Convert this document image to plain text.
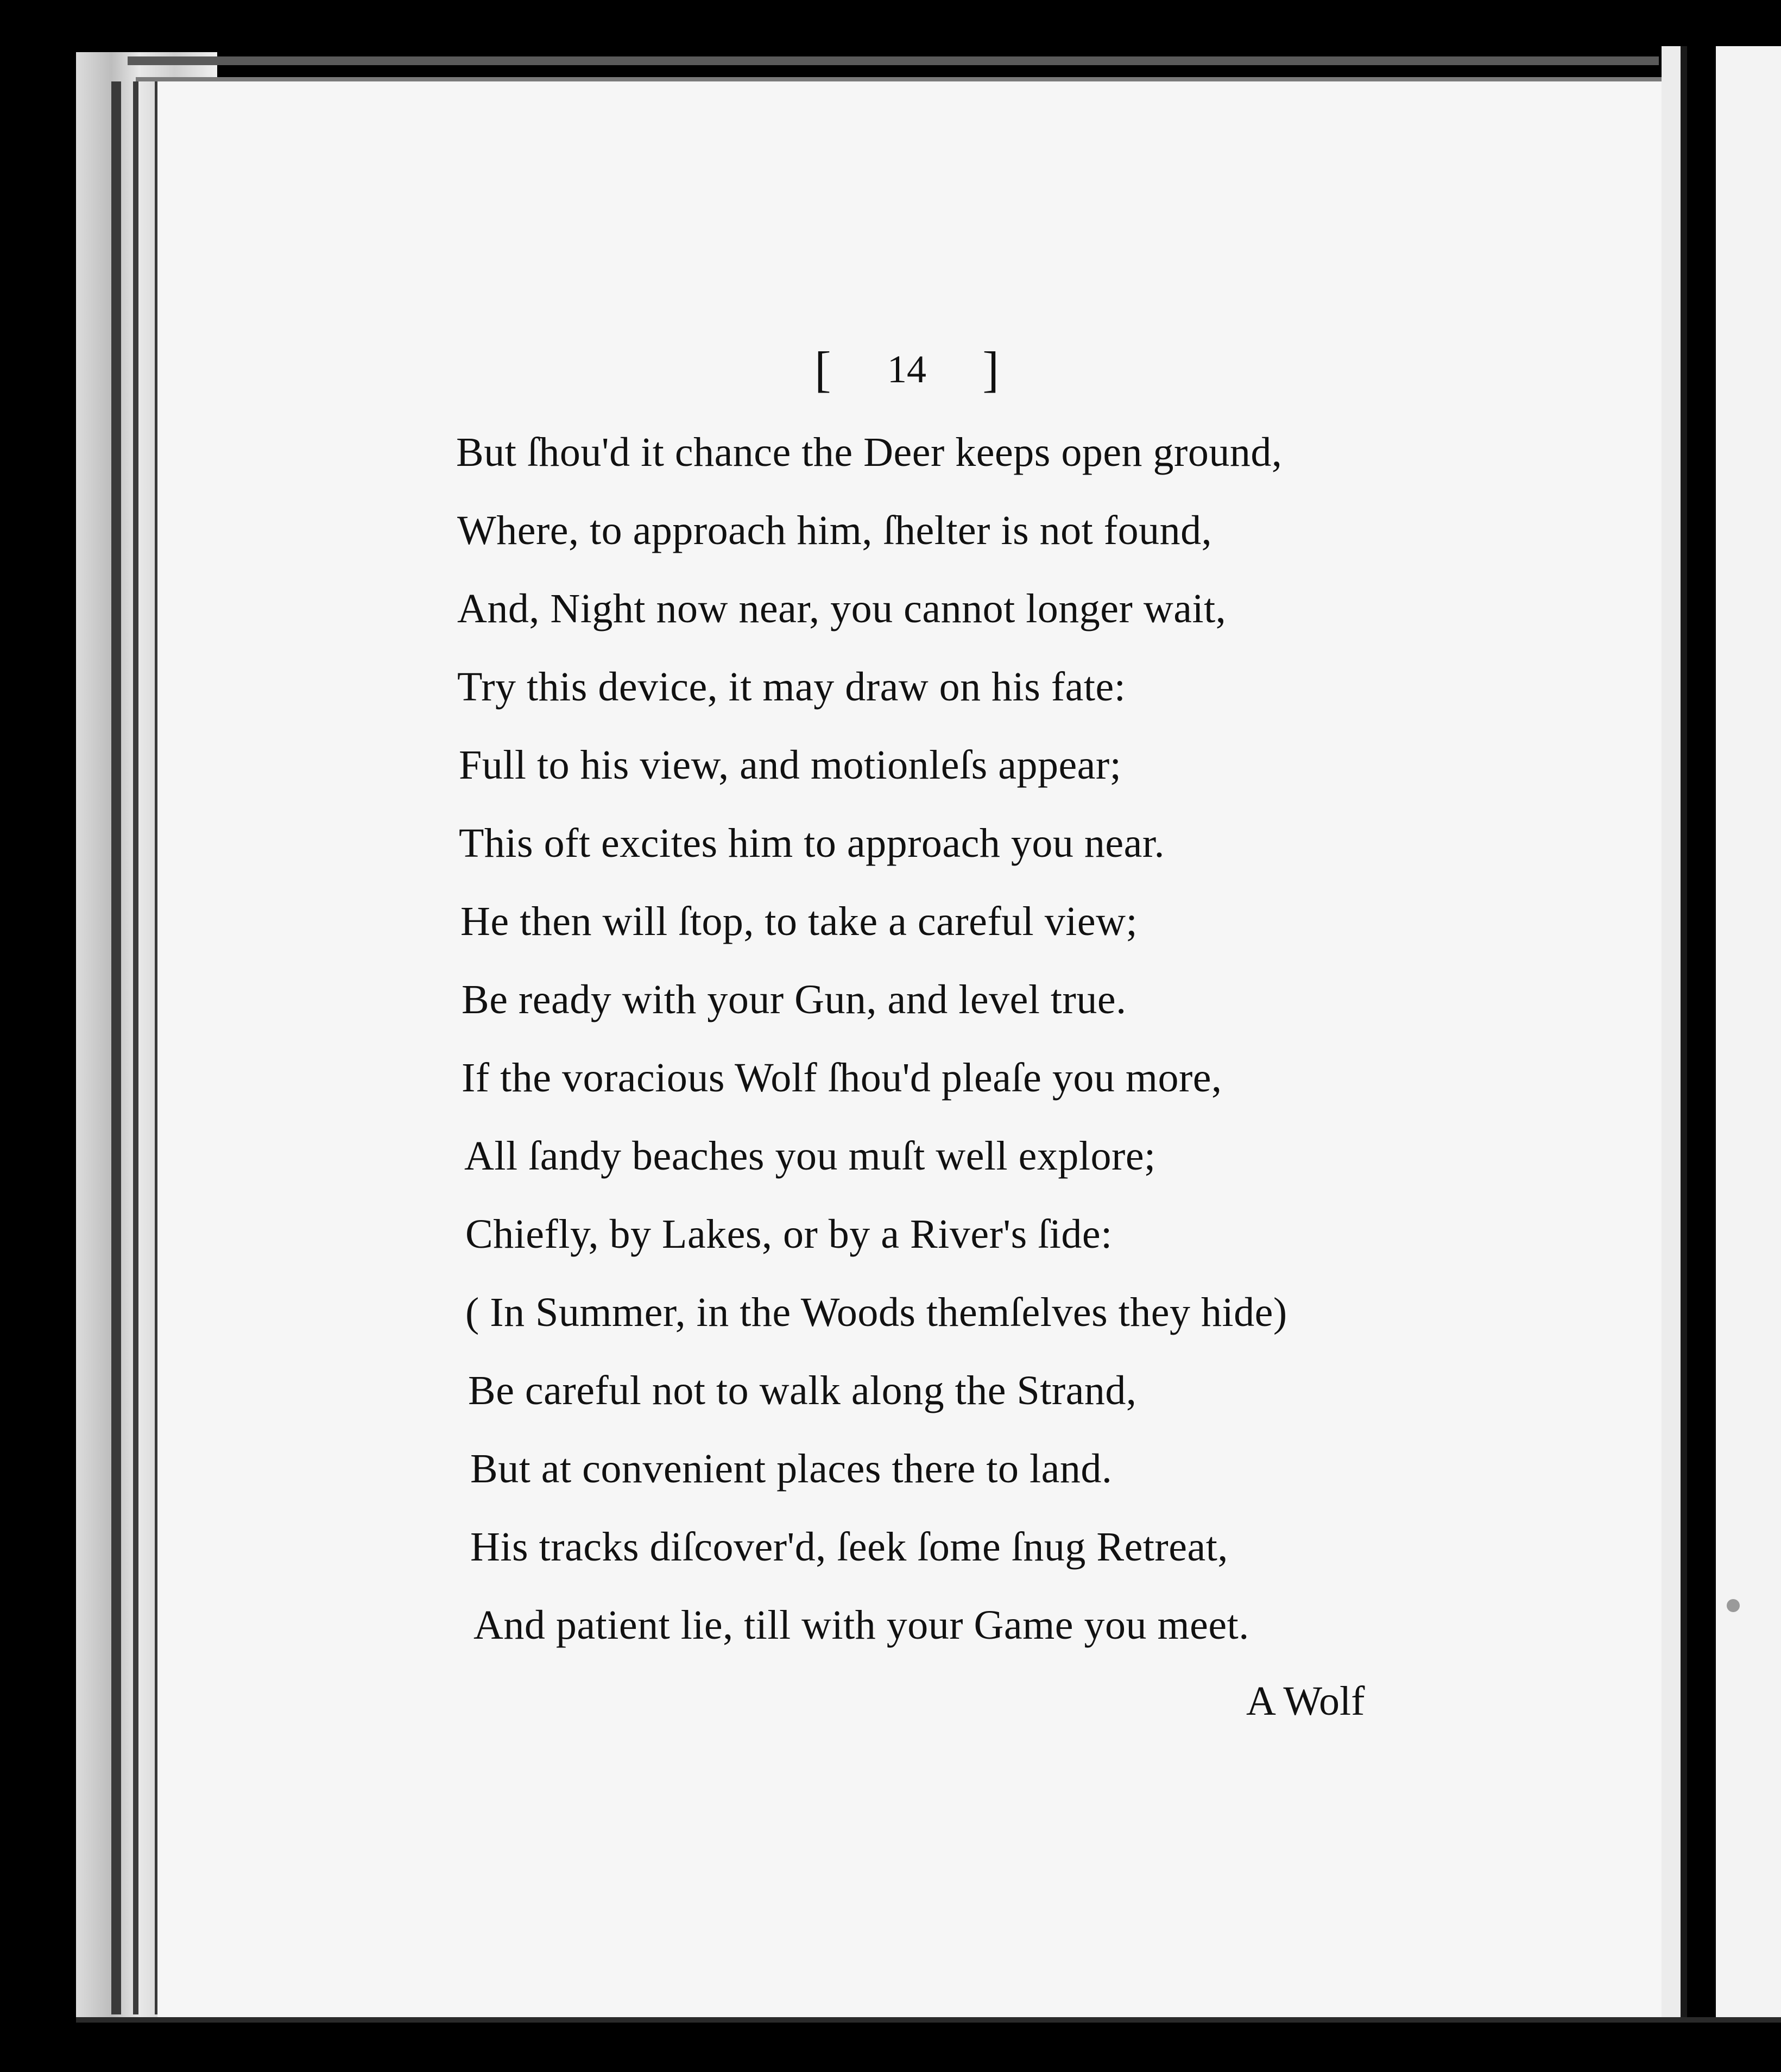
[ 14 ]
But ſhou'd it chance the Deer keeps open ground,
Where, to approach him, ſhelter is not found,
And, Night now near, you cannot longer wait,
Try this device, it may draw on his fate:
Full to his view, and motionleſs appear;
This oft excites him to approach you near.
He then will ſtop, to take a careful view;
Be ready with your Gun, and level true.
If the voracious Wolf ſhou'd pleaſe you more,
All ſandy beaches you muſt well explore;
Chiefly, by Lakes, or by a River's ſide:
( In Summer, in the Woods themſelves they hide)
Be careful not to walk along the Strand,
But at convenient places there to land.
His tracks diſcover'd, ſeek ſome ſnug Retreat,
And patient lie, till with your Game you meet.
A Wolf
